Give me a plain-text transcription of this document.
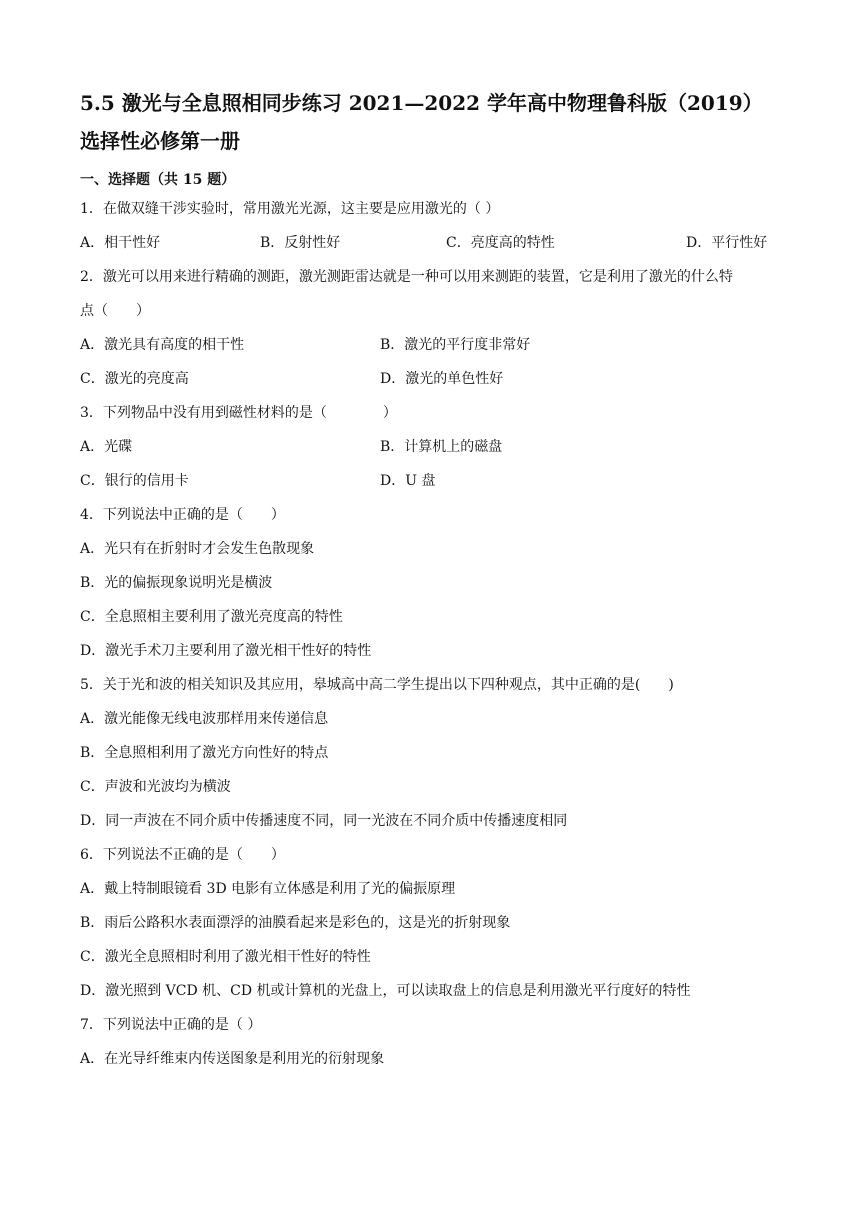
5.5 激光与全息照相同步练习 2021—2022 学年高中物理鲁科版（2019）
选择性必修第一册
一、选择题（共 15 题）
1．在做双缝干涉实验时，常用激光光源，这主要是应用激光的（ ）
A．相干性好	B．反射性好	C．亮度高的特性	D．平行性好
2．激光可以用来进行精确的测距，激光测距雷达就是一种可以用来测距的装置，它是利用了激光的什么特
点（　　）
A．激光具有高度的相干性	B．激光的平行度非常好
C．激光的亮度高	D．激光的单色性好
3．下列物品中没有用到磁性材料的是（　　　　）
A．光碟	B．计算机上的磁盘
C．银行的信用卡	D．U 盘
4．下列说法中正确的是（　　）
A．光只有在折射时才会发生色散现象
B．光的偏振现象说明光是横波
C．全息照相主要利用了激光亮度高的特性
D．激光手术刀主要利用了激光相干性好的特性
5．关于光和波的相关知识及其应用，皋城高中高二学生提出以下四种观点，其中正确的是(　　)
A．激光能像无线电波那样用来传递信息
B．全息照相利用了激光方向性好的特点
C．声波和光波均为横波
D．同一声波在不同介质中传播速度不同，同一光波在不同介质中传播速度相同
6．下列说法不正确的是（　　）
A．戴上特制眼镜看 3D 电影有立体感是利用了光的偏振原理
B．雨后公路积水表面漂浮的油膜看起来是彩色的，这是光的折射现象
C．激光全息照相时利用了激光相干性好的特性
D．激光照到 VCD 机、CD 机或计算机的光盘上，可以读取盘上的信息是利用激光平行度好的特性
7．下列说法中正确的是（ ）
A．在光导纤维束内传送图象是利用光的衍射现象
